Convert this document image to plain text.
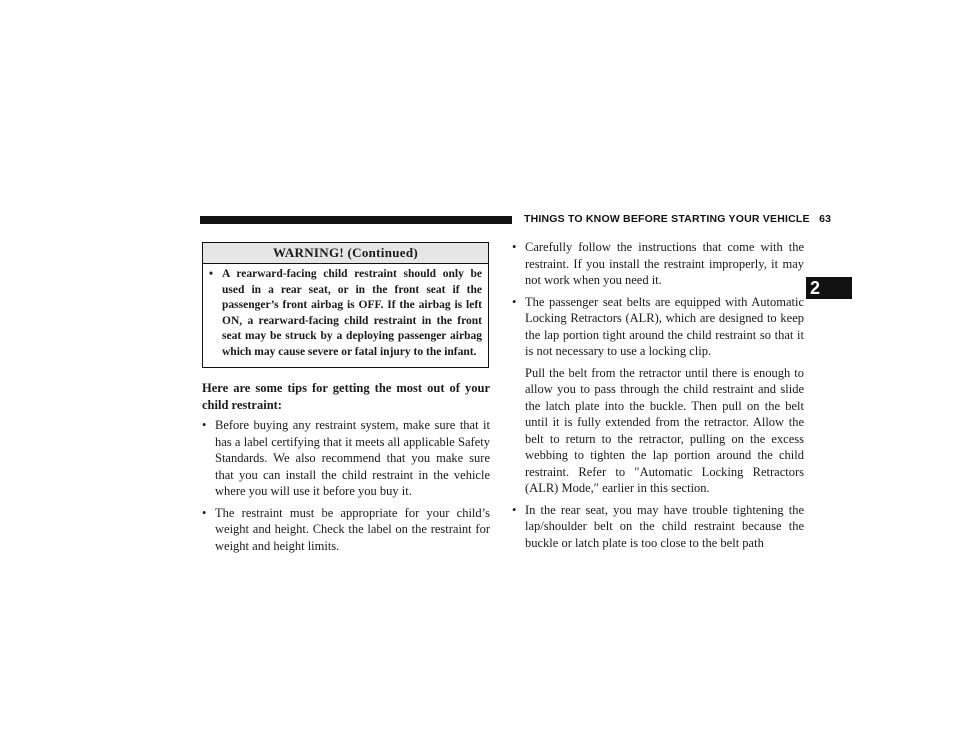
THINGS TO KNOW BEFORE STARTING YOUR VEHICLE 63
2
WARNING! (Continued)
• A rearward-facing child restraint should only be used in a rear seat, or in the front seat if the passenger’s front airbag is OFF. If the airbag is left ON, a rearward-facing child restraint in the front seat may be struck by a deploying passenger airbag which may cause severe or fatal injury to the infant.

Here are some tips for getting the most out of your child restraint:

• Before buying any restraint system, make sure that it has a label certifying that it meets all applicable Safety Standards. We also recommend that you make sure that you can install the child restraint in the vehicle where you will use it before you buy it.
• The restraint must be appropriate for your child’s weight and height. Check the label on the restraint for weight and height limits.
• Carefully follow the instructions that come with the restraint. If you install the restraint improperly, it may not work when you need it.
• The passenger seat belts are equipped with Automatic Locking Retractors (ALR), which are designed to keep the lap portion tight around the child restraint so that it is not necessary to use a locking clip.

Pull the belt from the retractor until there is enough to allow you to pass through the child restraint and slide the latch plate into the buckle. Then pull on the belt until it is fully extended from the retractor. Allow the belt to return to the retractor, pulling on the excess webbing to tighten the lap portion around the child restraint. Refer to ″Automatic Locking Retractors (ALR) Mode,″ earlier in this section.

• In the rear seat, you may have trouble tightening the lap/shoulder belt on the child restraint because the buckle or latch plate is too close to the belt path
